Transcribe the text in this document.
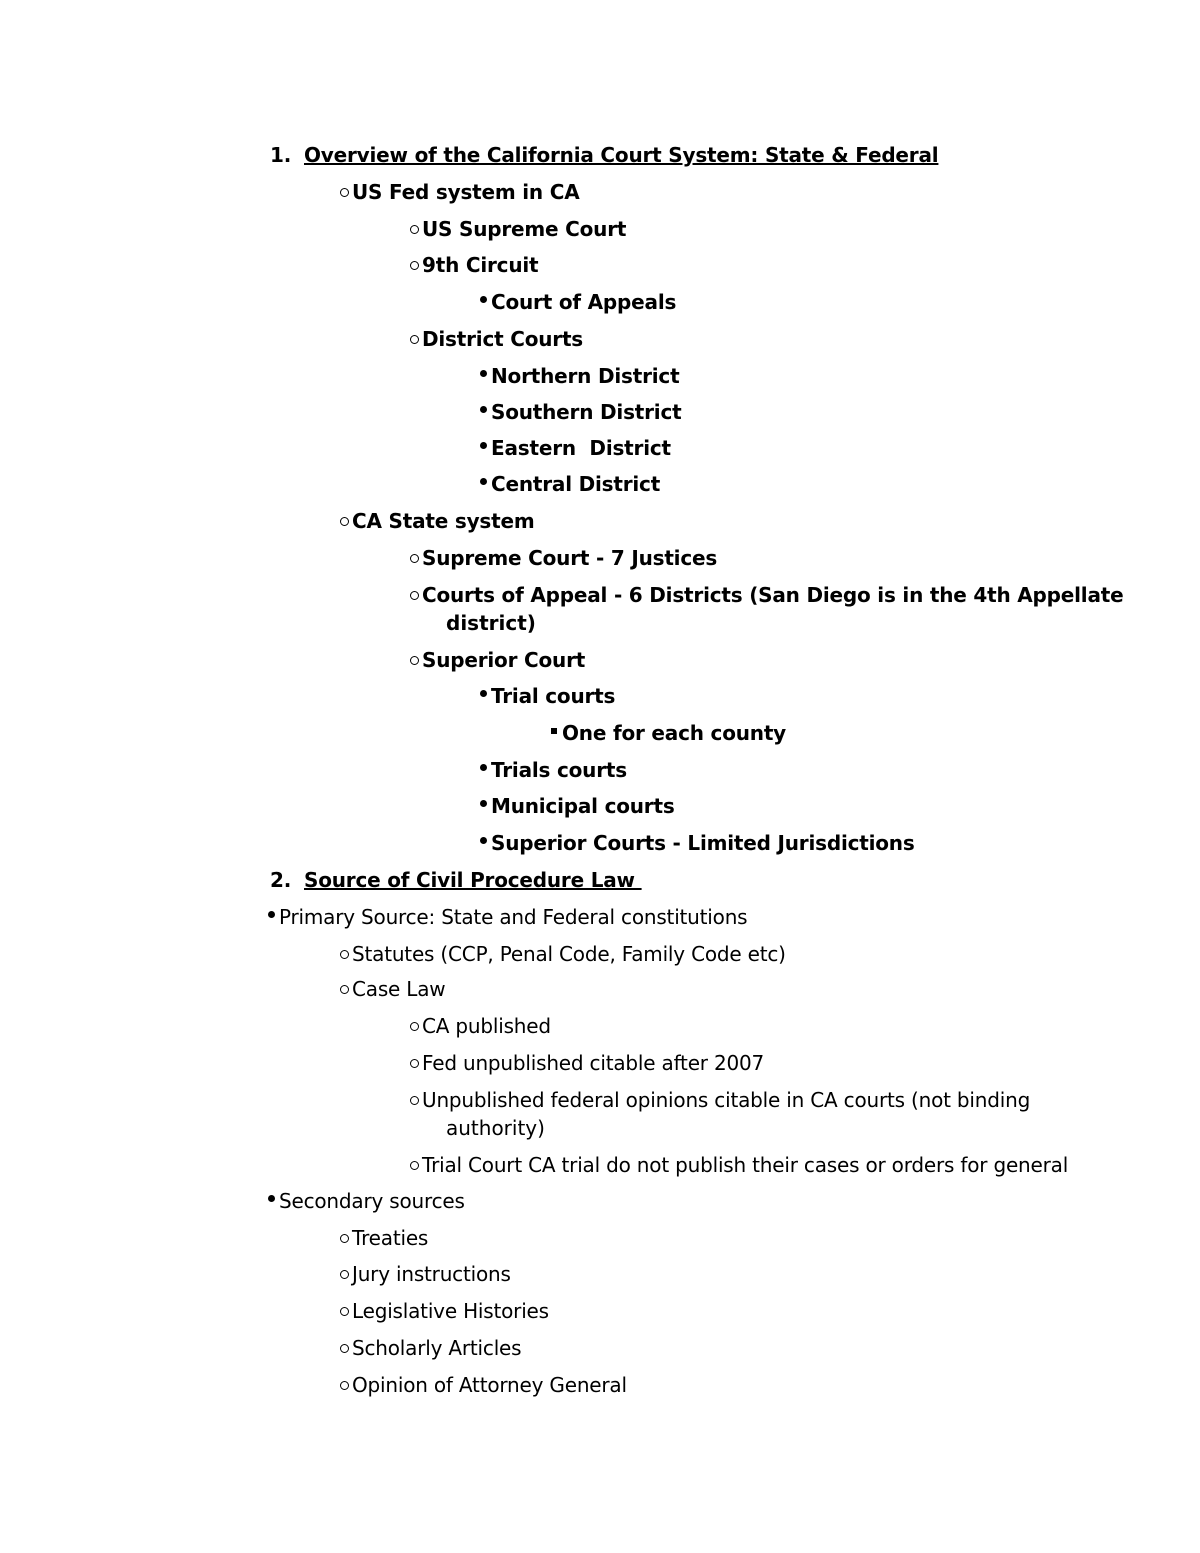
1. Overview of the California Court System: State & Federal
US Fed system in CA
US Supreme Court
9th Circuit
Court of Appeals
District Courts
Northern District
Southern District
Eastern  District
Central District
CA State system
Supreme Court - 7 Justices
Courts of Appeal - 6 Districts (San Diego is in the 4th Appellate
district)
Superior Court
Trial courts
One for each county
Trials courts
Municipal courts
Superior Courts - Limited Jurisdictions
2. Source of Civil Procedure Law
Primary Source: State and Federal constitutions
Statutes (CCP, Penal Code, Family Code etc)
Case Law
CA published
Fed unpublished citable after 2007
Unpublished federal opinions citable in CA courts (not binding
authority)
Trial Court CA trial do not publish their cases or orders for general
Secondary sources
Treaties
Jury instructions
Legislative Histories
Scholarly Articles
Opinion of Attorney General
